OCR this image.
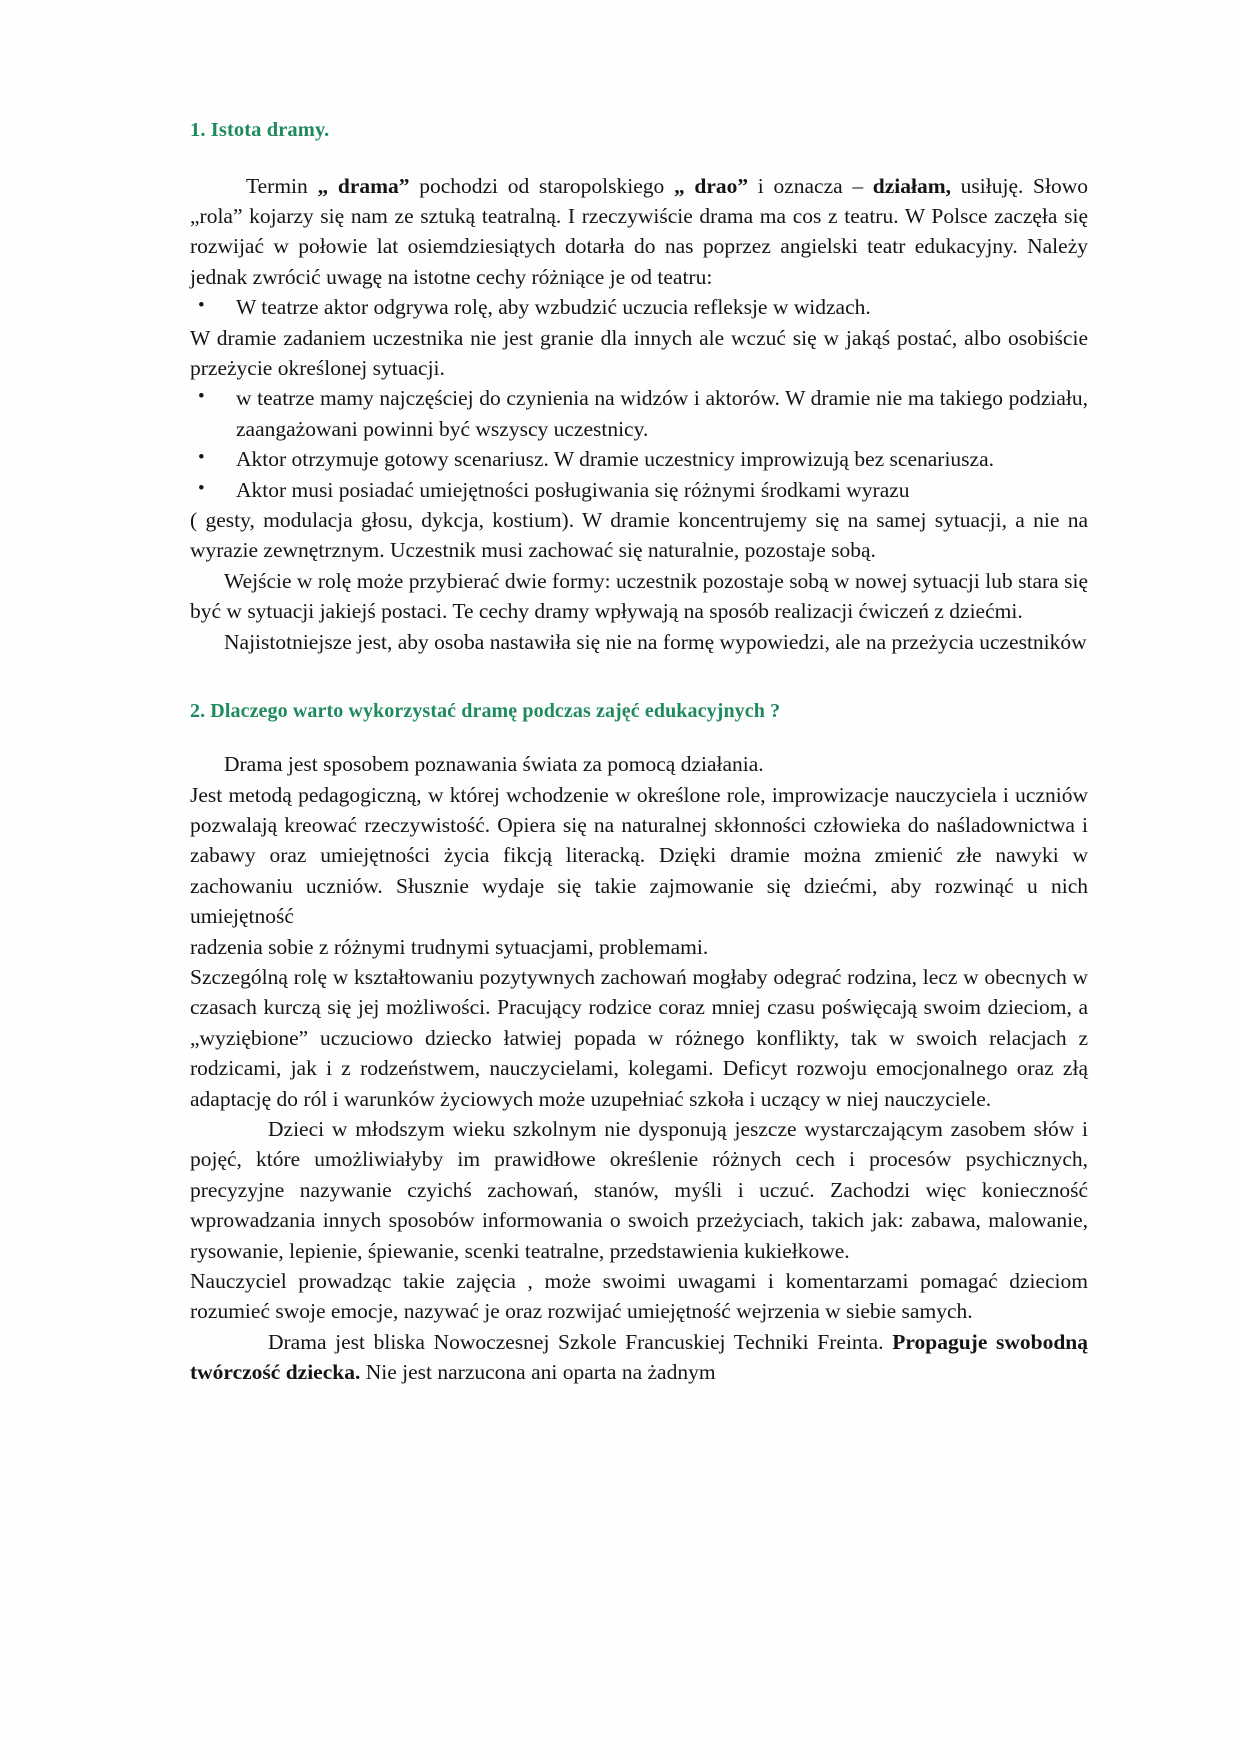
1. Istota dramy.

Termin „ drama” pochodzi od staropolskiego „ drao” i oznacza – działam, usiłuję. Słowo „rola” kojarzy się nam ze sztuką teatralną. I rzeczywiście drama ma cos z teatru. W Polsce zaczęła się rozwijać w połowie lat osiemdziesiątych dotarła do nas poprzez angielski teatr edukacyjny. Należy jednak zwrócić uwagę na istotne cechy różniące je od teatru:

• W teatrze aktor odgrywa rolę, aby wzbudzić uczucia refleksje w widzach.

W dramie zadaniem uczestnika nie jest granie dla innych ale wczuć się w jakąś postać, albo osobiście przeżycie określonej sytuacji.

• w teatrze mamy najczęściej do czynienia na widzów i aktorów. W dramie nie ma takiego podziału, zaangażowani powinni być wszyscy uczestnicy.
• Aktor otrzymuje gotowy scenariusz. W dramie uczestnicy improwizują bez scenariusza.
• Aktor musi posiadać umiejętności posługiwania się różnymi środkami wyrazu

( gesty, modulacja głosu, dykcja, kostium). W dramie koncentrujemy się na samej sytuacji, a nie na wyrazie zewnętrznym. Uczestnik musi zachować się naturalnie, pozostaje sobą.

Wejście w rolę może przybierać dwie formy: uczestnik pozostaje sobą w nowej sytuacji lub stara się być w sytuacji jakiejś postaci. Te cechy dramy wpływają na sposób realizacji ćwiczeń z dziećmi.

Najistotniejsze jest, aby osoba nastawiła się nie na formę wypowiedzi, ale na przeżycia uczestników

2. Dlaczego warto wykorzystać dramę podczas zajęć edukacyjnych ?

Drama jest sposobem poznawania świata za pomocą działania.

Jest metodą pedagogiczną, w której wchodzenie w określone role, improwizacje nauczyciela i uczniów pozwalają kreować rzeczywistość. Opiera się na naturalnej skłonności człowieka do naśladownictwa i zabawy oraz umiejętności życia fikcją literacką. Dzięki dramie można zmienić złe nawyki w zachowaniu uczniów. Słusznie wydaje się takie zajmowanie się dziećmi, aby rozwinąć u nich umiejętność

radzenia sobie z różnymi trudnymi sytuacjami, problemami.

Szczególną rolę w kształtowaniu pozytywnych zachowań mogłaby odegrać rodzina, lecz w obecnych w czasach kurczą się jej możliwości. Pracujący rodzice coraz mniej czasu poświęcają swoim dzieciom, a „wyziębione” uczuciowo dziecko łatwiej popada w różnego konflikty, tak w swoich relacjach z rodzicami, jak i z rodzeństwem, nauczycielami, kolegami. Deficyt rozwoju emocjonalnego oraz złą adaptację do ról i warunków życiowych może uzupełniać szkoła i uczący w niej nauczyciele.

Dzieci w młodszym wieku szkolnym nie dysponują jeszcze wystarczającym zasobem słów i pojęć, które umożliwiałyby im prawidłowe określenie różnych cech i procesów psychicznych, precyzyjne nazywanie czyichś zachowań, stanów, myśli i uczuć. Zachodzi więc konieczność wprowadzania innych sposobów informowania o swoich przeżyciach, takich jak: zabawa, malowanie, rysowanie, lepienie, śpiewanie, scenki teatralne, przedstawienia kukiełkowe.

Nauczyciel prowadząc takie zajęcia , może swoimi uwagami i komentarzami pomagać dzieciom rozumieć swoje emocje, nazywać je oraz rozwijać umiejętność wejrzenia w siebie samych.

Drama jest bliska Nowoczesnej Szkole Francuskiej Techniki Freinta. Propaguje swobodną twórczość dziecka. Nie jest narzucona ani oparta na żadnym
